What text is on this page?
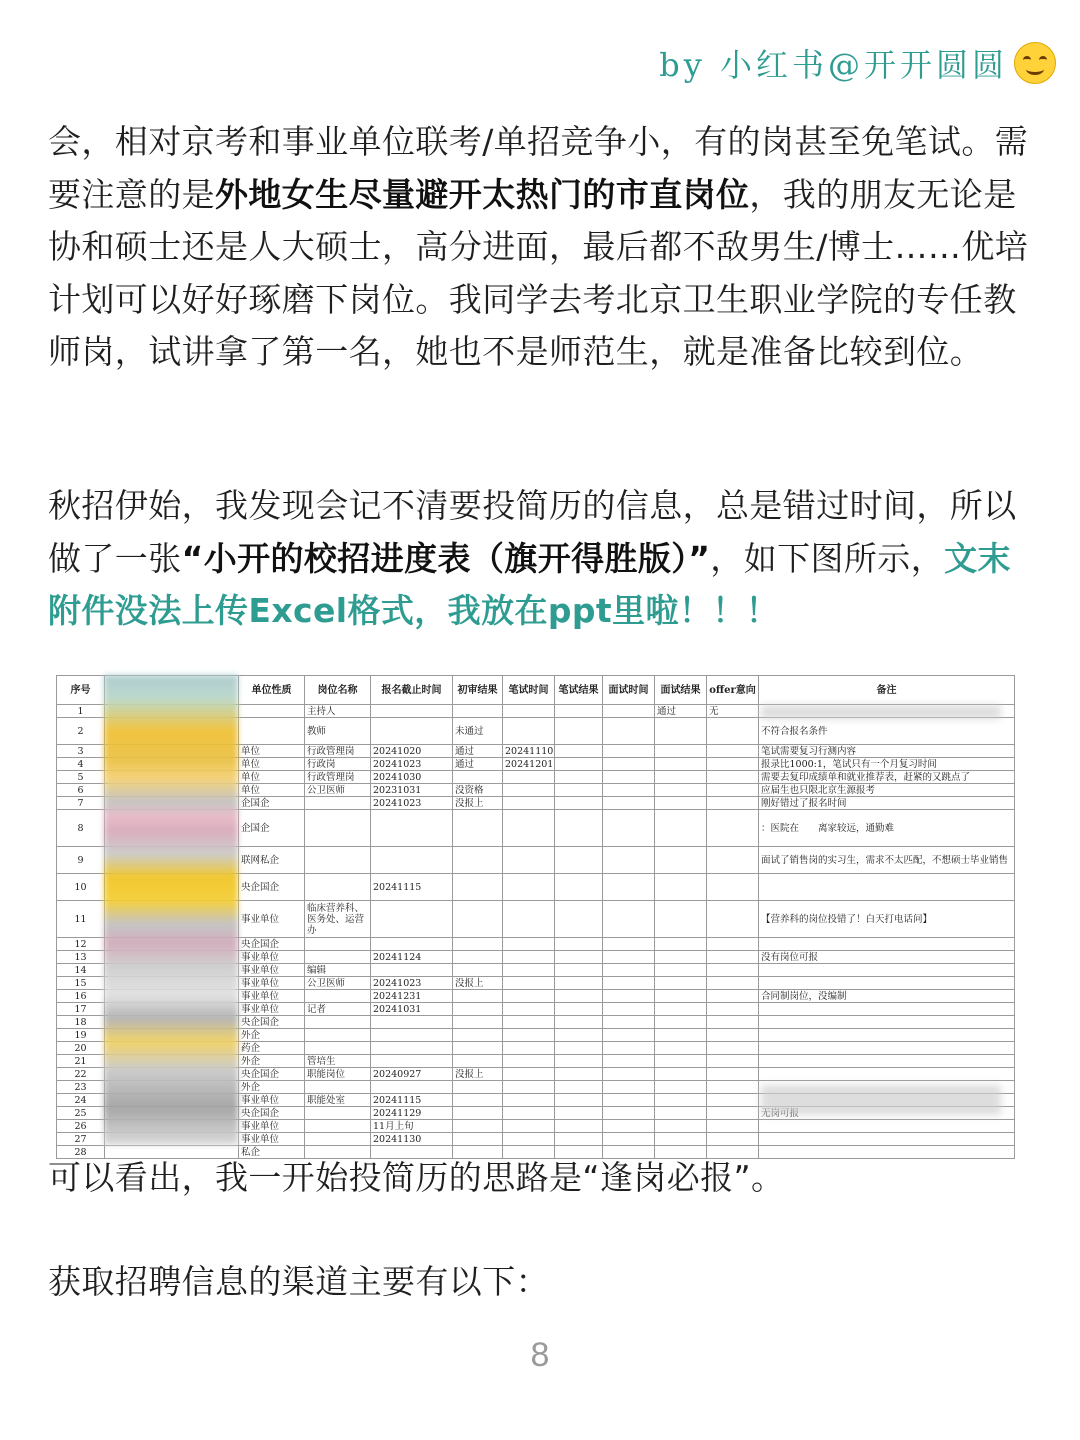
by 小红书@开开圆圆
会，相对京考和事业单位联考/单招竞争小，有的岗甚至免笔试。需要注意的是外地女生尽量避开太热门的市直岗位，我的朋友无论是协和硕士还是人大硕士，高分进面，最后都不敌男生/博士……优培计划可以好好琢磨下岗位。我同学去考北京卫生职业学院的专任教师岗，试讲拿了第一名，她也不是师范生，就是准备比较到位。
秋招伊始，我发现会记不清要投简历的信息，总是错过时间，所以做了一张“小开的校招进度表（旗开得胜版）”，如下图所示，文末附件没法上传Excel格式，我放在ppt里啦！！！
序号		单位性质	岗位名称	报名截止时间	初审结果	笔试时间	笔试结果	面试时间	面试结果	offer意向	备注
1			主持人						通过	无	
2			教师		未通过						不符合报名条件
3		单位	行政管理岗	20241020	通过	20241110					笔试需要复习行测内容
4		单位	行政岗	20241023	通过	20241201					报录比1000:1，笔试只有一个月复习时间
5		单位	行政管理岗	20241030							需要去复印成绩单和就业推荐表，赶紧的又跳点了
6		单位	公卫医师	20231031	没资格						应届生也只限北京生源报考
7		企国企		20241023	没报上						刚好错过了报名时间
8		企国企									：医院在　　离家较远，通勤难
9		联网私企									面试了销售岗的实习生，需求不太匹配，不想硕士毕业销售
10		央企国企		20241115							
11		事业单位	临床营养科、医务处、运营办								【营养科的岗位投错了！白天打电话问】
12		央企国企									
13		事业单位		20241124							没有岗位可报
14		事业单位	编辑								
15		事业单位	公卫医师	20241023	没报上						
16		事业单位		20241231							合同制岗位，没编制
17		事业单位	记者	20241031							
18		央企国企									
19		外企									
20		药企									
21		外企	管培生								
22		央企国企	职能岗位	20240927	没报上						
23		外企									
24		事业单位	职能处室	20241115							
25		央企国企		20241129							
26		事业单位		11月上旬							
27		事业单位		20241130							
28		私企									
可以看出，我一开始投简历的思路是“逢岗必报”。
获取招聘信息的渠道主要有以下：
8
